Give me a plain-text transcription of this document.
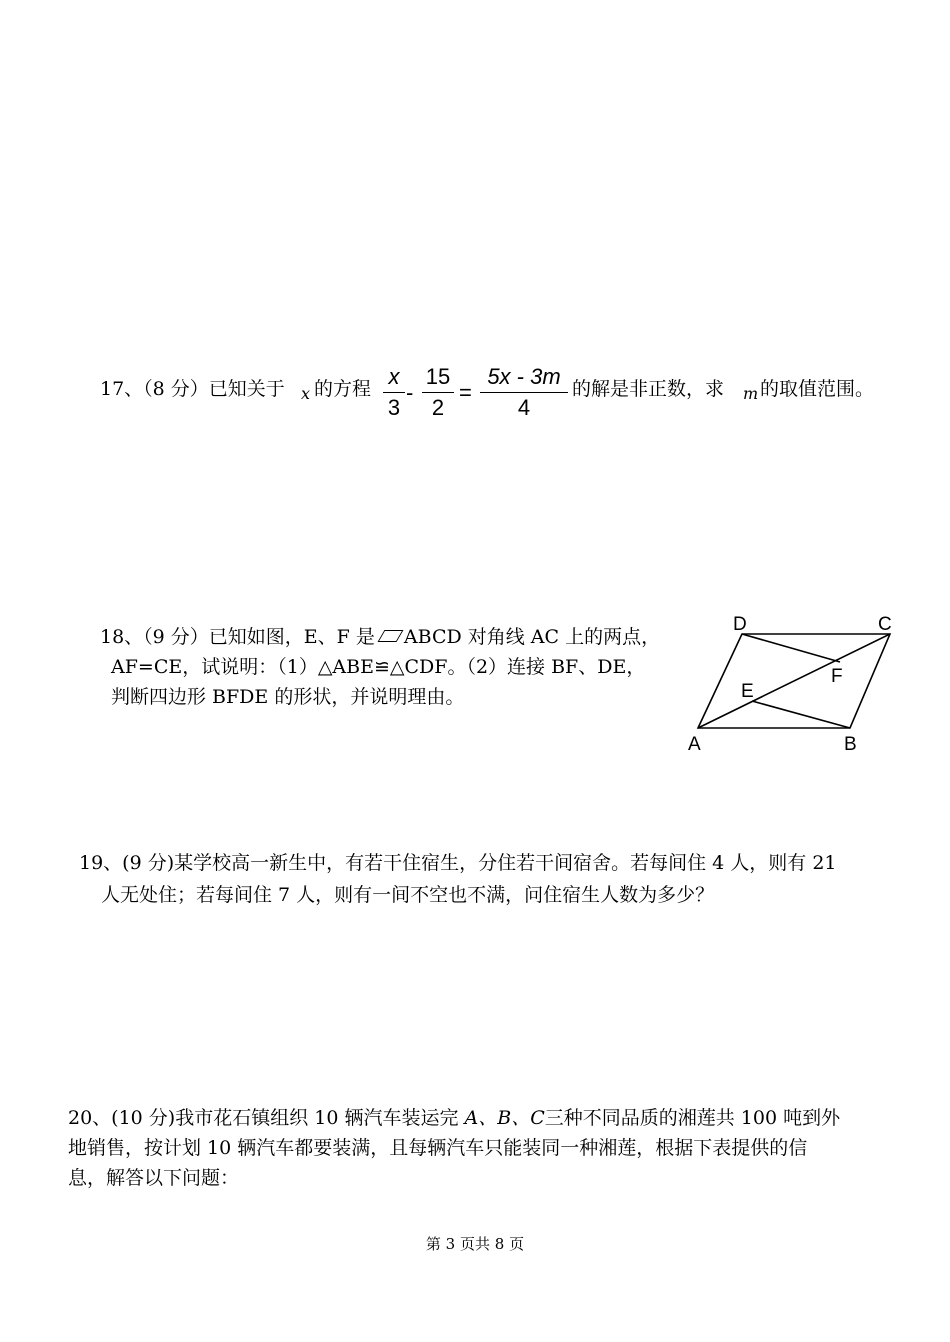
17、（8 分）已知关于 x 的方程 x
3
-
15
2
=
5x - 3m
4
的解是非正数，求 m 的取值范围。
18、（9 分）已知如图，E、F 是 ABCD 对角线 AC 上的两点，
AF=CE，试说明：（1）△ABE≌△CDF。（2）连接 BF、DE，
判断四边形 BFDE 的形状，并说明理由。
A	B
C
D
E
F
19、(9 分)某学校高一新生中，有若干住宿生，分住若干间宿舍。若每间住 4 人，则有 21
人无处住；若每间住 7 人，则有一间不空也不满，问住宿生人数为多少？
20、(10 分)我市花石镇组织 10 辆汽车装运完 A、B、C三种不同品质的湘莲共 100 吨到外
地销售，按计划 10 辆汽车都要装满，且每辆汽车只能装同一种湘莲，根据下表提供的信
息，解答以下问题：
第 3 页共 8 页
